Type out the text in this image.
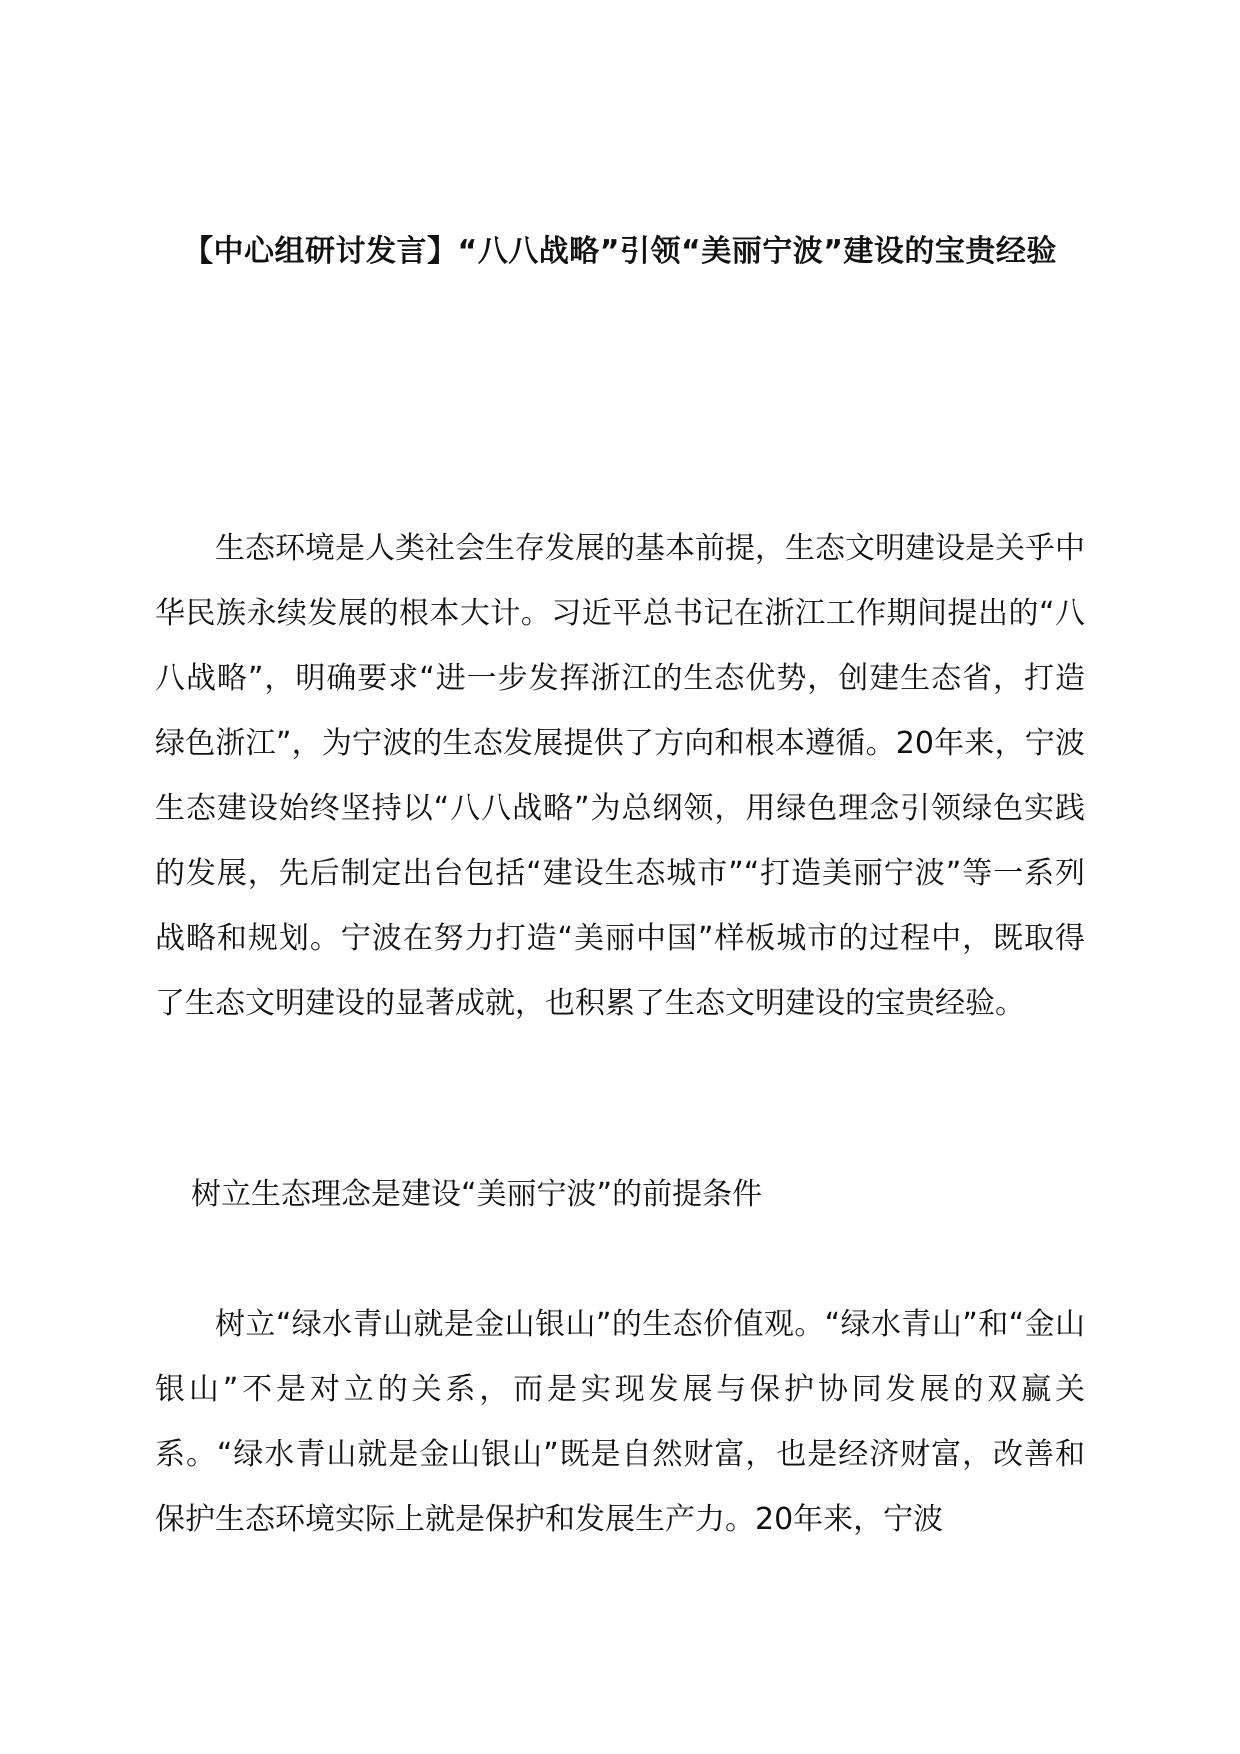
【中心组研讨发言】“八八战略”引领“美丽宁波”建设的宝贵经验
生态环境是人类社会生存发展的基本前提，生态文明建设是关乎中华民族永续发展的根本大计。习近平总书记在浙江工作期间提出的“八八战略”，明确要求“进一步发挥浙江的生态优势，创建生态省，打造绿色浙江”，为宁波的生态发展提供了方向和根本遵循。20年来，宁波生态建设始终坚持以“八八战略”为总纲领，用绿色理念引领绿色实践的发展，先后制定出台包括“建设生态城市”“打造美丽宁波”等一系列战略和规划。宁波在努力打造“美丽中国”样板城市的过程中，既取得了生态文明建设的显著成就，也积累了生态文明建设的宝贵经验。
树立生态理念是建设“美丽宁波”的前提条件
树立“绿水青山就是金山银山”的生态价值观。“绿水青山”和“金山银山”不是对立的关系，而是实现发展与保护协同发展的双赢关系。“绿水青山就是金山银山”既是自然财富，也是经济财富，改善和保护生态环境实际上就是保护和发展生产力。20年来，宁波
